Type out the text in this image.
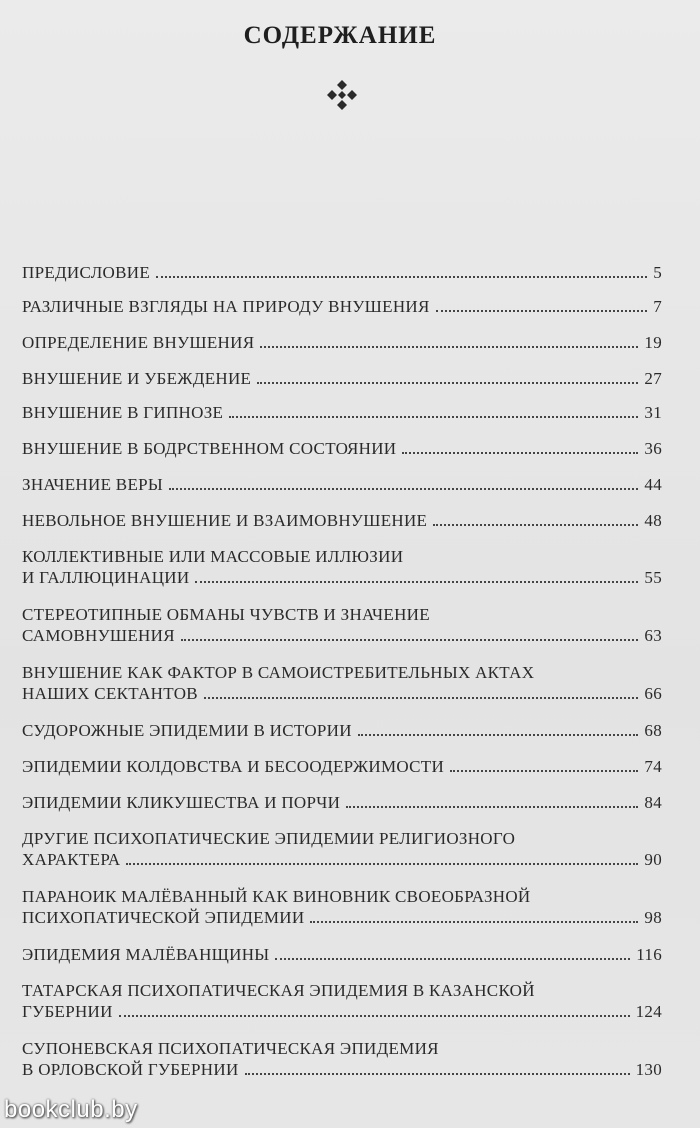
СОДЕРЖАНИЕ
ПРЕДИСЛОВИЕ	5
РАЗЛИЧНЫЕ ВЗГЛЯДЫ НА ПРИРОДУ ВНУШЕНИЯ	7
ОПРЕДЕЛЕНИЕ ВНУШЕНИЯ	19
ВНУШЕНИЕ И УБЕЖДЕНИЕ	27
ВНУШЕНИЕ В ГИПНОЗЕ	31
ВНУШЕНИЕ В БОДРСТВЕННОМ СОСТОЯНИИ	36
ЗНАЧЕНИЕ ВЕРЫ	44
НЕВОЛЬНОЕ ВНУШЕНИЕ И ВЗАИМОВНУШЕНИЕ	48
КОЛЛЕКТИВНЫЕ ИЛИ МАССОВЫЕ ИЛЛЮЗИИ
И ГАЛЛЮЦИНАЦИИ	55
СТЕРЕОТИПНЫЕ ОБМАНЫ ЧУВСТВ И ЗНАЧЕНИЕ
САМОВНУШЕНИЯ	63
ВНУШЕНИЕ КАК ФАКТОР В САМОИСТРЕБИТЕЛЬНЫХ АКТАХ
НАШИХ СЕКТАНТОВ	66
СУДОРОЖНЫЕ ЭПИДЕМИИ В ИСТОРИИ	68
ЭПИДЕМИИ КОЛДОВСТВА И БЕСООДЕРЖИМОСТИ	74
ЭПИДЕМИИ КЛИКУШЕСТВА И ПОРЧИ	84
ДРУГИЕ ПСИХОПАТИЧЕСКИЕ ЭПИДЕМИИ РЕЛИГИОЗНОГО
ХАРАКТЕРА	90
ПАРАНОИК МАЛЁВАННЫЙ КАК ВИНОВНИК СВОЕОБРАЗНОЙ
ПСИХОПАТИЧЕСКОЙ ЭПИДЕМИИ	98
ЭПИДЕМИЯ МАЛЁВАНЩИНЫ	116
ТАТАРСКАЯ ПСИХОПАТИЧЕСКАЯ ЭПИДЕМИЯ В КАЗАНСКОЙ
ГУБЕРНИИ	124
СУПОНЕВСКАЯ ПСИХОПАТИЧЕСКАЯ ЭПИДЕМИЯ
В ОРЛОВСКОЙ ГУБЕРНИИ	130
bookclub.by
